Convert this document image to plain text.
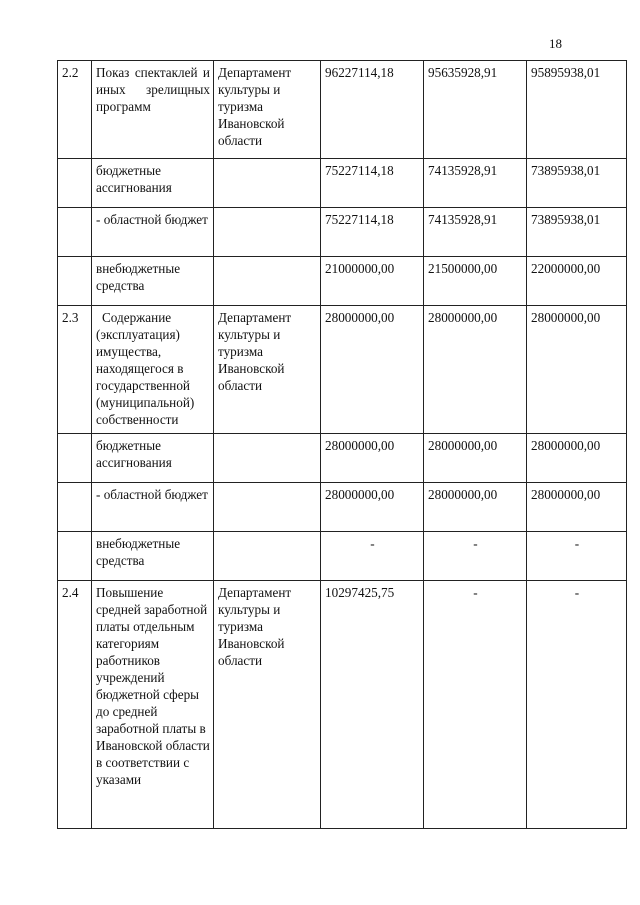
18
2.2	Показ спектаклей и иных зрелищных программ	Департамент культуры и туризма Ивановской области	96227114,18	95635928,91	95895938,01
	бюджетные ассигнования		75227114,18	74135928,91	73895938,01
	- областной бюджет		75227114,18	74135928,91	73895938,01
	внебюджетные средства		21000000,00	21500000,00	22000000,00
2.3	Содержание (эксплуатация) имущества, находящегося в государственной (муниципальной) собственности	Департамент культуры и туризма Ивановской области	28000000,00	28000000,00	28000000,00
	бюджетные ассигнования		28000000,00	28000000,00	28000000,00
	- областной бюджет		28000000,00	28000000,00	28000000,00
	внебюджетные средства		-	-	-
2.4	Повышение средней заработной платы отдельным категориям работников учреждений бюджетной сферы до средней заработной платы в Ивановской области в соответствии с указами	Департамент культуры и туризма Ивановской области	10297425,75	-	-
